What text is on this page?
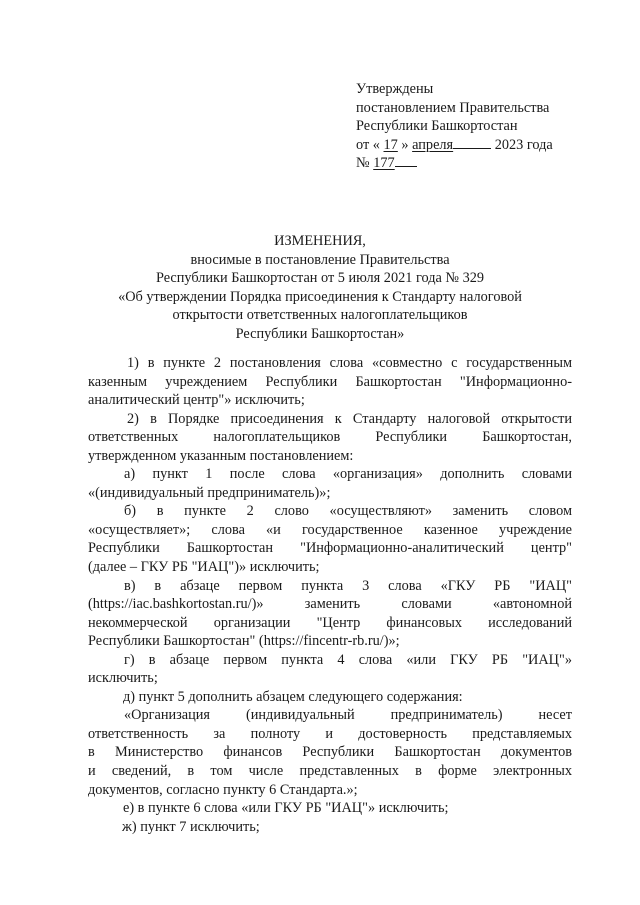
Утверждены
постановлением Правительства
Республики Башкортостан
от « 17 » апреля	2023 года
№ 177
ИЗМЕНЕНИЯ,
вносимые в постановление Правительства
Республики Башкортостан от 5 июля 2021 года № 329
«Об утверждении Порядка присоединения к Стандарту налоговой
открытости ответственных налогоплательщиков
Республики Башкортостан»
1) в пункте 2 постановления слова «совместно с государственным
казенным учреждением Республики Башкортостан "Информационно-
аналитический центр"» исключить;
2) в Порядке присоединения к Стандарту налоговой открытости
ответственных налогоплательщиков Республики Башкортостан,
утвержденном указанным постановлением:
а) пункт 1 после слова «организация» дополнить словами
«(индивидуальный предприниматель)»;
б) в пункте 2 слово «осуществляют» заменить словом
«осуществляет»; слова «и государственное казенное учреждение
Республики Башкортостан "Информационно-аналитический центр"
(далее – ГКУ РБ "ИАЦ")» исключить;
в) в абзаце первом пункта 3 слова «ГКУ РБ "ИАЦ"
(https://iac.bashkortostan.ru/)» заменить словами «автономной
некоммерческой организации "Центр финансовых исследований
Республики Башкортостан" (https://fincentr-rb.ru/)»;
г) в абзаце первом пункта 4 слова «или ГКУ РБ "ИАЦ"»
исключить;
д) пункт 5 дополнить абзацем следующего содержания:
«Организация (индивидуальный предприниматель) несет
ответственность за полноту и достоверность представляемых
в Министерство финансов Республики Башкортостан документов
и сведений, в том числе представленных в форме электронных
документов, согласно пункту 6 Стандарта.»;
е) в пункте 6 слова «или ГКУ РБ "ИАЦ"» исключить;
ж) пункт 7 исключить;
